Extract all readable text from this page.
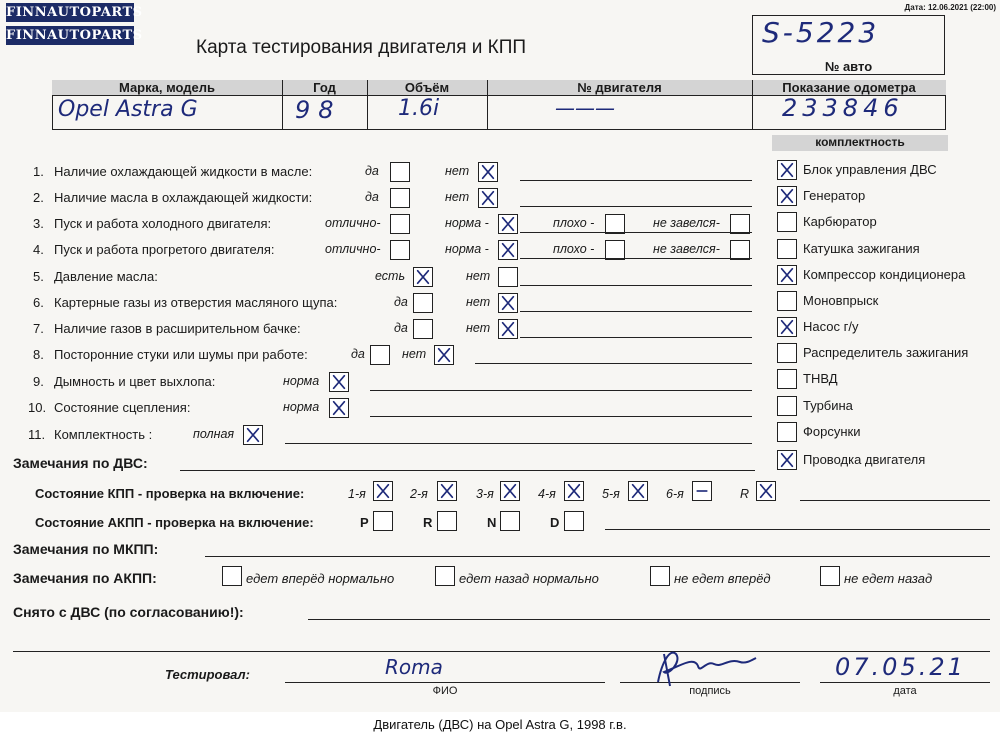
FINNAUTOPARTS
FINNAUTOPARTS
Дата: 12.06.2021 (22:00)
Карта тестирования двигателя и КПП	S-5223
№ авто
Марка, модель	Год	Объём	№ двигателя	Показание одометра
Opel Astra G	98	1.6i	———	233846
комплектность
1. Наличие охлаждающей жидкости в масле:	да	нет
2. Наличие масла в охлаждающей жидкости:	да	нет
3. Пуск и работа холодного двигателя:	отлично-	норма -	плохо -	не завелся-
4. Пуск и работа прогретого двигателя:	отлично-	норма -	плохо -	не завелся-
5. Давление масла:	есть	нет
6. Картерные газы из отверстия масляного щупа:	да	нет
7. Наличие газов в расширительном бачке:	да	нет
8. Посторонние стуки или шумы при работе:	да	нет
9. Дымность и цвет выхлопа:	норма
10. Состояние сцепления:	норма
11. Комплектность :	полная
Блок управления ДВС
Генератор
Карбюратор
Катушка зажигания
Компрессор кондиционера
Моновпрыск
Насос г/у
Распределитель зажигания
ТНВД
Турбина
Форсунки
Проводка двигателя
Замечания по ДВС:
Состояние КПП - проверка на включение:	1-я	2-я	3-я	4-я	5-я	6-я	R
Состояние АКПП - проверка на включение:	P	R	N	D
Замечания по МКПП:
Замечания по АКПП:	едет вперёд нормально	едет назад нормально	не едет вперёд	не едет назад
Снято с ДВС (по согласованию!):
Тестировал:	Roma
ФИО	подпись
07.05.21
дата
Двигатель (ДВС) на Opel Astra G, 1998 г.в.
